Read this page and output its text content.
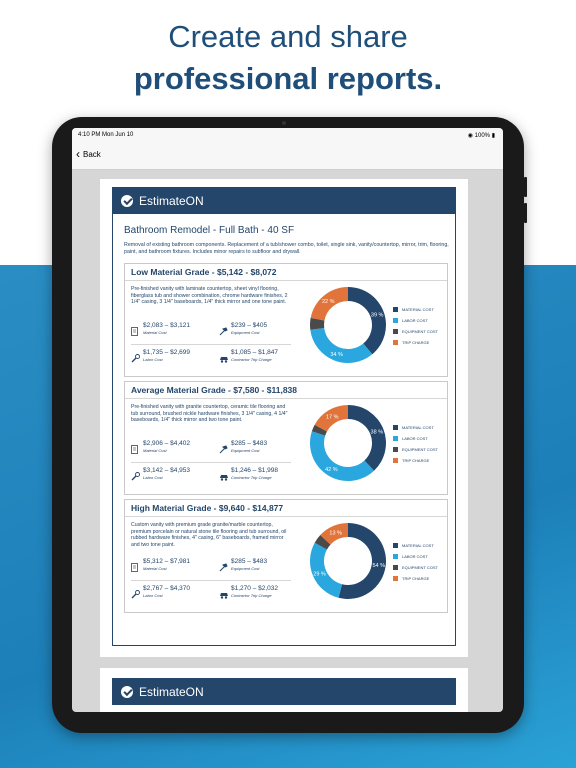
Create and share
professional reports.
4:10 PM Mon Jun 10	◉ 100% ▮
‹ Back
EstimateON
Bathroom Remodel - Full Bath - 40 SF
Removal of existing bathroom components. Replacement of a tub/shower combo, toilet, single sink, vanity/countertop, mirror, trim, flooring, paint, and bathroom fixtures. Includes minor repairs to subfloor and drywall.
Low Material Grade - $5,142 - $8,072
Pre-finished vanity with laminate countertop, sheet vinyl flooring, fiberglass tub and shower combination, chrome hardware finishes, 2 1/4" casing, 3 1/4" baseboards, 1/4" thick mirror and one tone paint.
$2,083 – $3,121
Material Cost
$239 – $405
Equipment Cost
$1,735 – $2,699
Labor Cost
$1,085 – $1,847
Contractor Trip Charge
39 %
34 %
22 %
MATERIAL COST
LABOR COST
EQUIPMENT COST
TRIP CHARGE
Average Material Grade - $7,580 - $11,838
Pre-finished vanity with granite countertop, ceramic tile flooring and tub surround, brushed nickle hardware finishes, 3 1/4" casing, 4 1/4" baseboards, 1/4" thick mirror and two tone paint.
$2,906 – $4,402
Material Cost
$285 – $483
Equipment Cost
$3,142 – $4,953
Labor Cost
$1,246 – $1,998
Contractor Trip Charge
38 %
42 %
17 %
MATERIAL COST
LABOR COST
EQUIPMENT COST
TRIP CHARGE
High Material Grade - $9,640 - $14,877
Custom vanity with premium grade granite/marble countertop, premium porcelain or natural stone tile flooring and tub surround, oil rubbed hardware finishes, 4" casing, 6" baseboards, framed mirror and two tone paint.
$5,312 – $7,981
Material Cost
$285 – $483
Equipment Cost
$2,767 – $4,370
Labor Cost
$1,270 – $2,032
Contractor Trip Charge
54 %
29 %
13 %
MATERIAL COST
LABOR COST
EQUIPMENT COST
TRIP CHARGE
EstimateON
